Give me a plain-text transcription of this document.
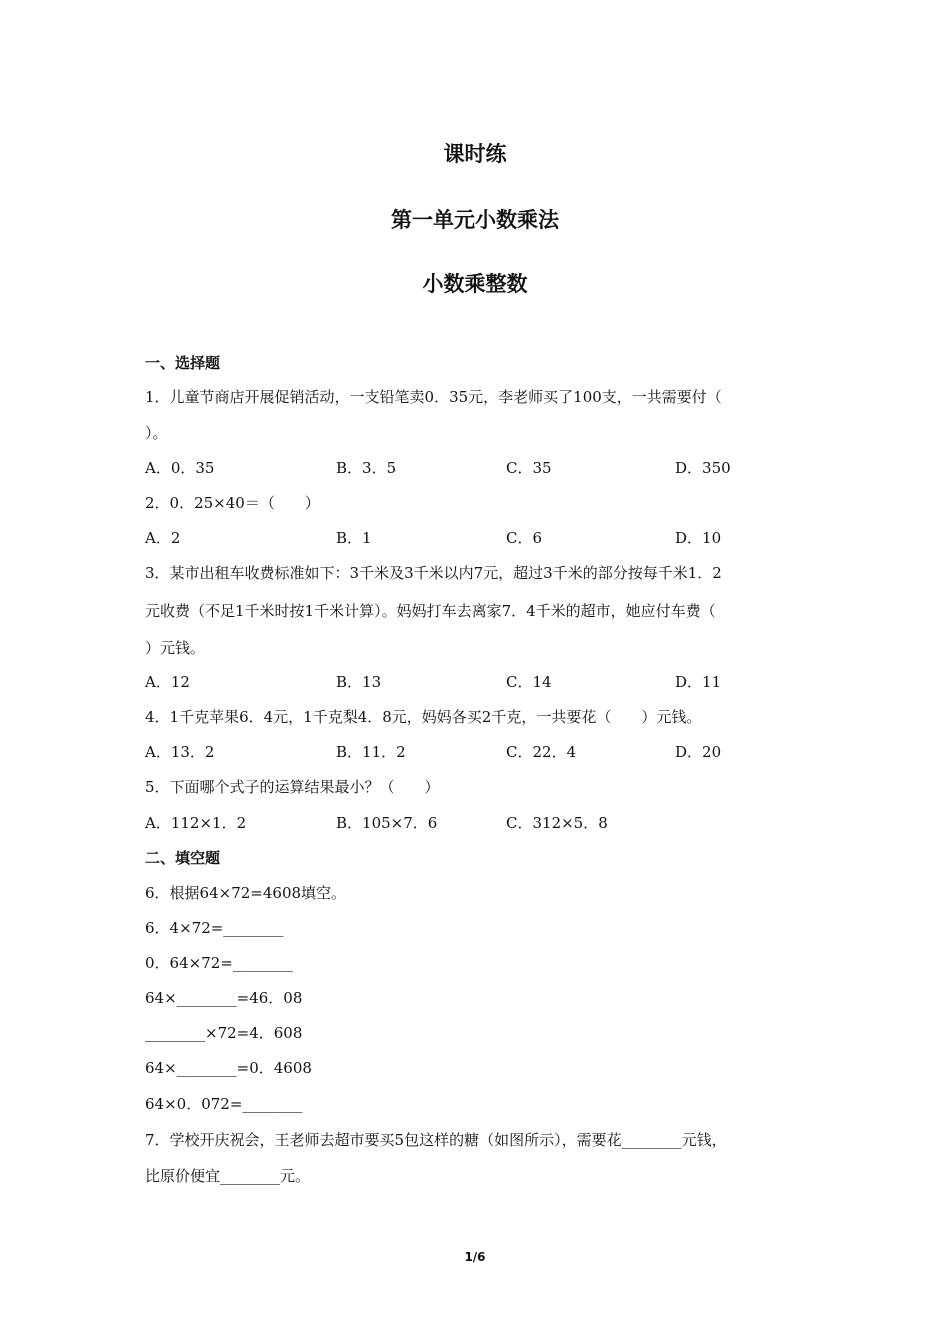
课时练
第一单元小数乘法
小数乘整数

一、选择题

1．儿童节商店开展促销活动，一支铅笔卖0．35元，李老师买了100支，一共需要付（

）。

A．0．35	B．3．5	C．35	D．350

2．0．25×40＝（　　）

A．2	B．1	C．6	D．10

3．某市出租车收费标准如下：3千米及3千米以内7元，超过3千米的部分按每千米1．2

元收费（不足1千米时按1千米计算）。妈妈打车去离家7．4千米的超市，她应付车费（

）元钱。

A．12	B．13	C．14	D．11

4．1千克苹果6．4元，1千克梨4．8元，妈妈各买2千克，一共要花（　　）元钱。

A．13．2	B．11．2	C．22．4	D．20

5．下面哪个式子的运算结果最小？（　　）

A．112×1．2	B．105×7．6	C．312×5．8

二、填空题

6．根据64×72=4608填空。

6．4×72=________

0．64×72=________

64×________=46．08

________×72=4．608

64×________=0．4608

64×0．072=________

7．学校开庆祝会，王老师去超市要买5包这样的糖（如图所示），需要花________元钱，

比原价便宜________元。

1/6
